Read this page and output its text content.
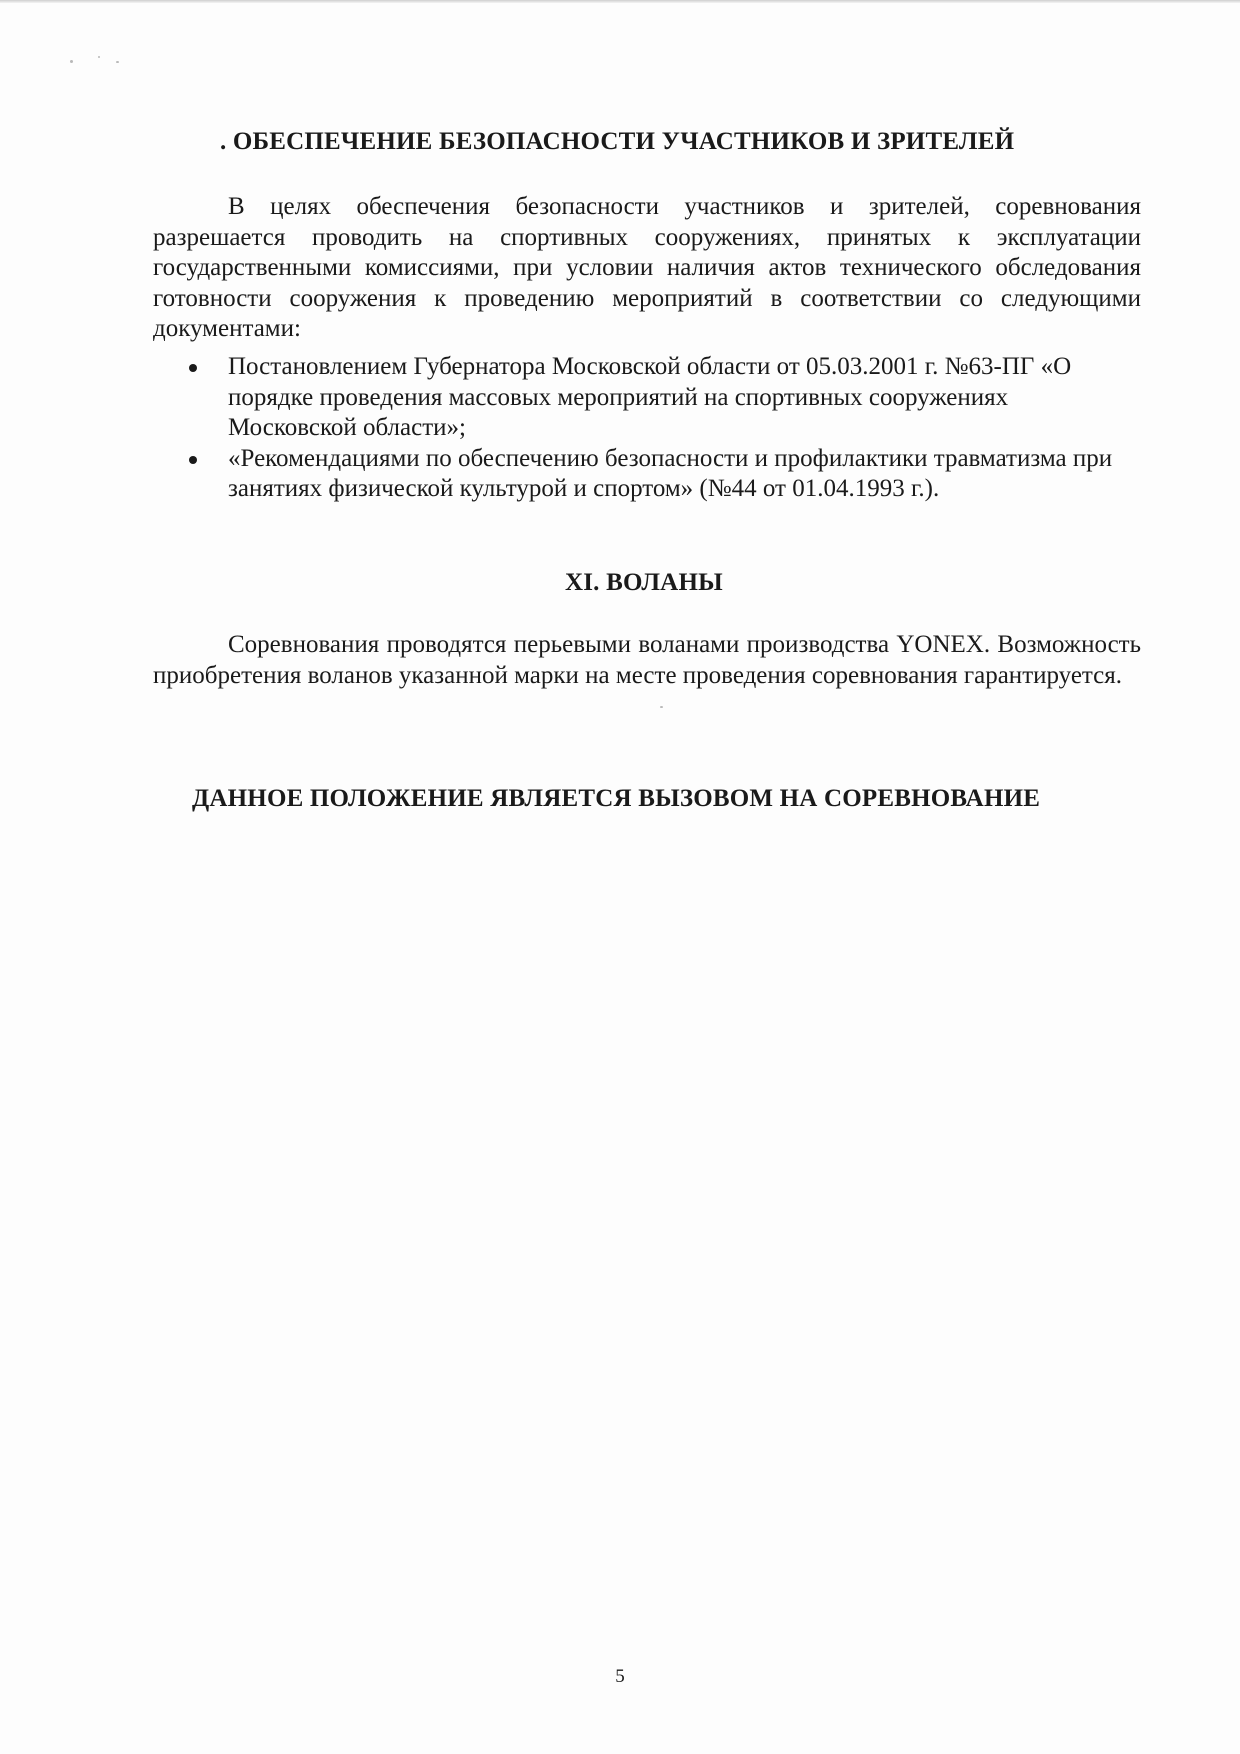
. ОБЕСПЕЧЕНИЕ БЕЗОПАСНОСТИ УЧАСТНИКОВ И ЗРИТЕЛЕЙ

В целях обеспечения безопасности участников и зрителей, соревнования разрешается проводить на спортивных сооружениях, принятых к эксплуатации государственными комиссиями, при условии наличия актов технического обследования готовности сооружения к проведению мероприятий в соответствии со следующими документами:

Постановлением Губернатора Московской области от 05.03.2001 г. №63-ПГ «О порядке проведения массовых мероприятий на спортивных сооружениях Московской области»;
«Рекомендациями по обеспечению безопасности и профилактики травматизма при занятиях физической культурой и спортом» (№44 от 01.04.1993 г.).
XI. ВОЛАНЫ

Соревнования проводятся перьевыми воланами производства YONEX. Возможность приобретения воланов указанной марки на месте проведения соревнования гарантируется.

ДАННОЕ ПОЛОЖЕНИЕ ЯВЛЯЕТСЯ ВЫЗОВОМ НА СОРЕВНОВАНИЕ
5
